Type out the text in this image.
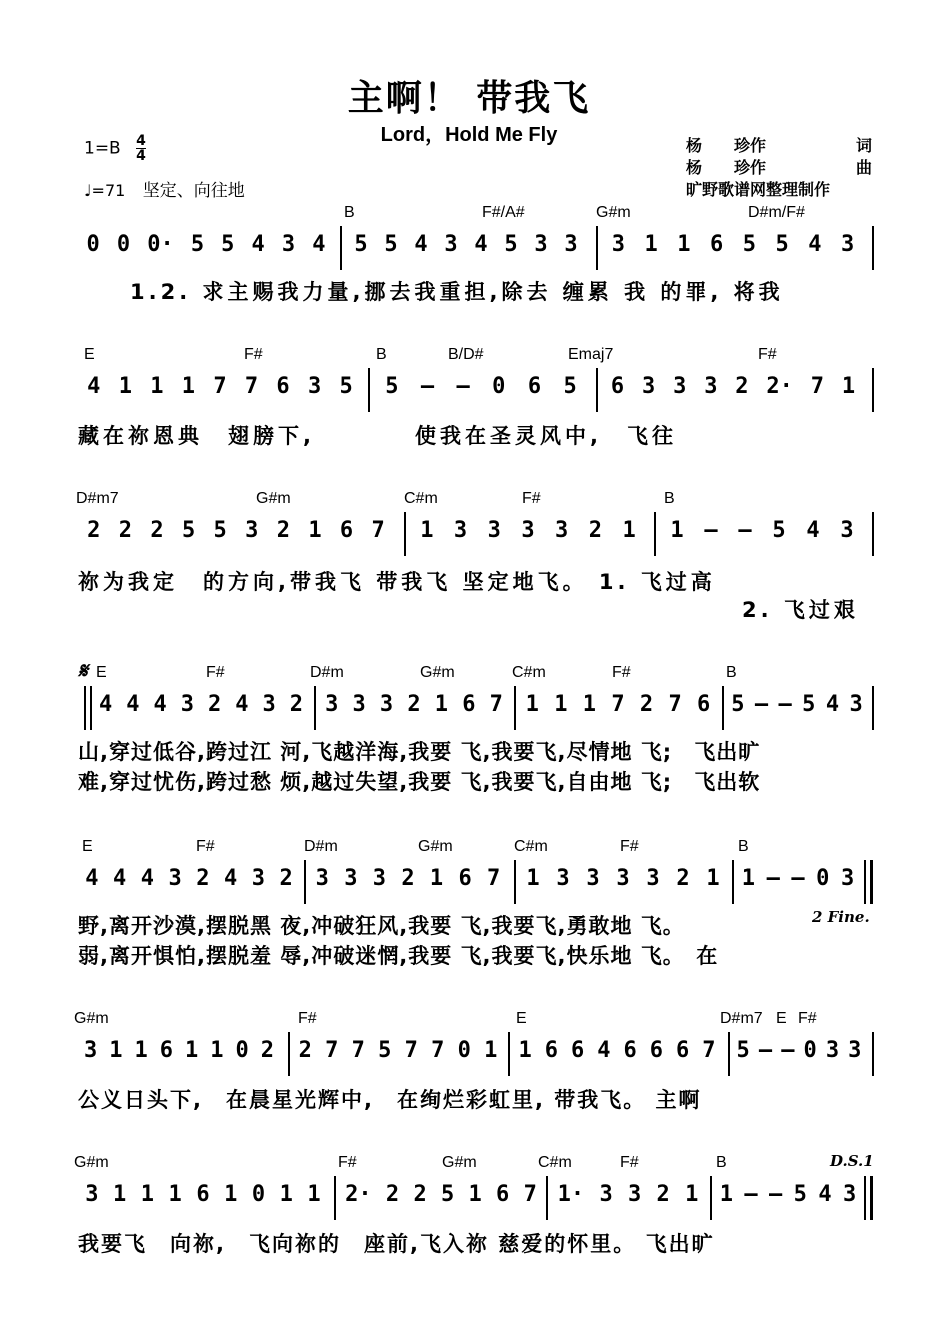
主啊！ 带我飞
Lord，Hold Me Fly
$1=B \frac{4}{4}$
♩=71 坚定、向往地
杨　　珍作	词
杨　　珍作	曲
旷野歌谱网整理制作
B	F#/A#	G#m	D#m/F#
0 0 0· 5 5 4 3 4 5 5 4 3 4 5 3 3 3 1 1 6 5 5 4 3
1.2. 求主赐我力量,挪去我重担,除去 缠累 我 的罪, 将我
E	F#	B	B/D#	Emaj7	F#
4 1 1 1 7 7 6 3 5 5 – – 0 6 5 6 3 3 3 2 2· 7 1
藏在祢恩典　翅膀下,　　　　使我在圣灵风中,　飞往
D#m7	G#m	C#m	F#	B
2 2 2 5 5 3 2 1 6 7 1 3 3 3 3 2 1 1 – – 5 4 3
祢为我定　的方向,带我飞 带我飞 坚定地飞。 1. 飞过高
2. 飞过艰
𝄋 E	F#	D#m	G#m	C#m	F#	B
4 4 4 3 2 4 3 2 3 3 3 2 1 6 7 1 1 1 7 2 7 6 5 – – 5 4 3
山,穿过低谷,跨过江 河,飞越洋海,我要 飞,我要飞,尽情地 飞;　飞出旷
难,穿过忧伤,跨过愁 烦,越过失望,我要 飞,我要飞,自由地 飞;　飞出软
E	F#	D#m	G#m	C#m	F#	B
4 4 4 3 2 4 3 2 3 3 3 2 1 6 7 1 3 3 3 3 2 1 1 – – 0 3
2 Fine.
野,离开沙漠,摆脱黑 夜,冲破狂风,我要 飞,我要飞,勇敢地 飞。
弱,离开惧怕,摆脱羞 辱,冲破迷惘,我要 飞,我要飞,快乐地 飞。　在
G#m	F#	E	D#m7 E F#
3 1 1 6 1 1 0 2 2 7 7 5 7 7 0 1 1 6 6 4 6 6 6 7 5 – – 0 3 3
公义日头下,　在晨星光辉中,　在绚烂彩虹里, 带我飞。 主啊
G#m	F#	G#m	C#m	F#	B	D.S.1
3 1 1 1 6 1 0 1 1 2· 2 2 5 1 6 7 1· 3 3 2 1 1 – – 5 4 3
我要飞　向祢,　飞向祢的　座前,飞入祢 慈爱的怀里。 飞出旷
